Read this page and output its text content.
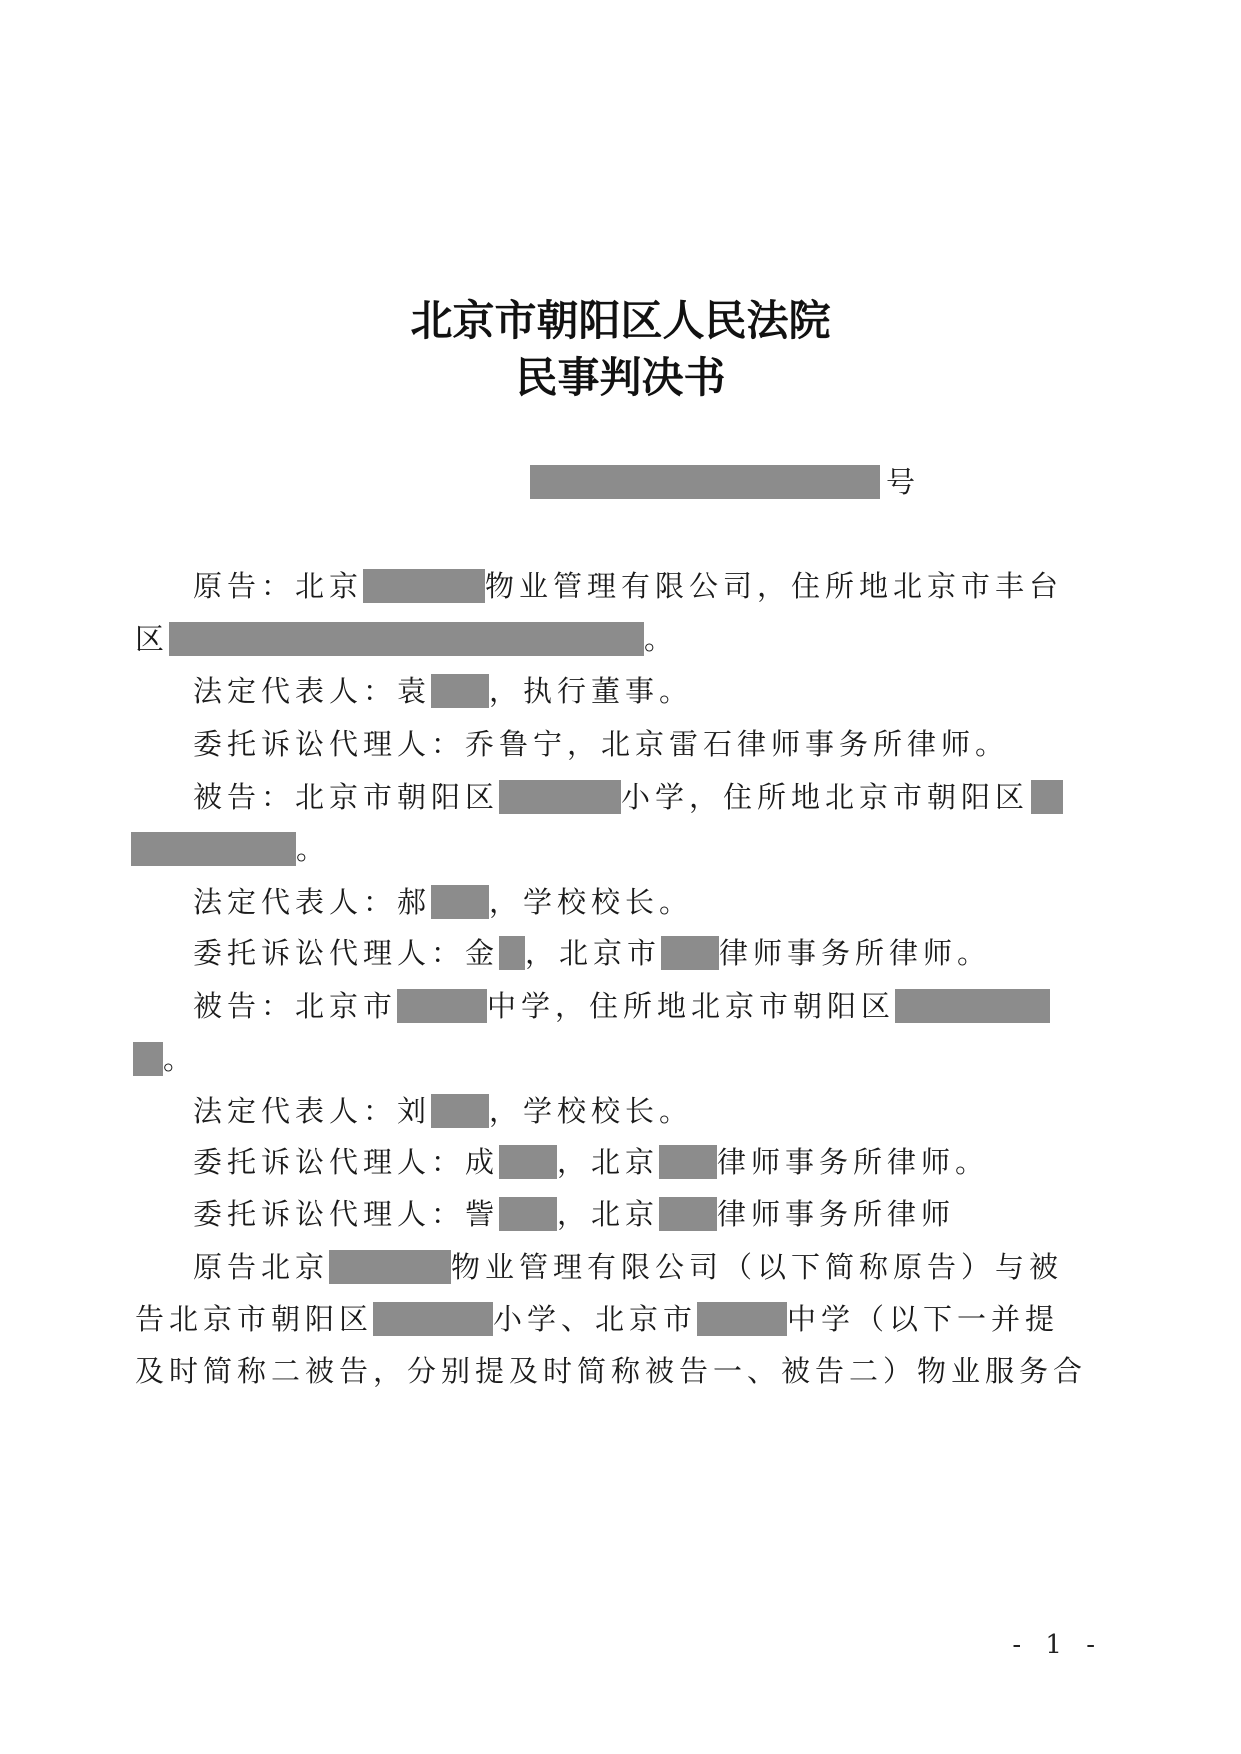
北京市朝阳区人民法院
民事判决书
号
原告：北京	物业管理有限公司，住所地北京市丰台
区	。
法定代表人：袁 ，执行董事。
委托诉讼代理人：乔鲁宁，北京雷石律师事务所律师。
被告：北京市朝阳区	小学，住所地北京市朝阳区
。
法定代表人：郝 ，学校校长。
委托诉讼代理人：金 ，北京市 律师事务所律师。
被告：北京市	中学，住所地北京市朝阳区
。
法定代表人：刘 ，学校校长。
委托诉讼代理人：成 ，北京 律师事务所律师。
委托诉讼代理人：訾 ，北京 律师事务所律师
原告北京	物业管理有限公司（以下简称原告）与被
告北京市朝阳区	小学、北京市	中学（以下一并提
及时简称二被告，分别提及时简称被告一、被告二）物业服务合
- 1 -
